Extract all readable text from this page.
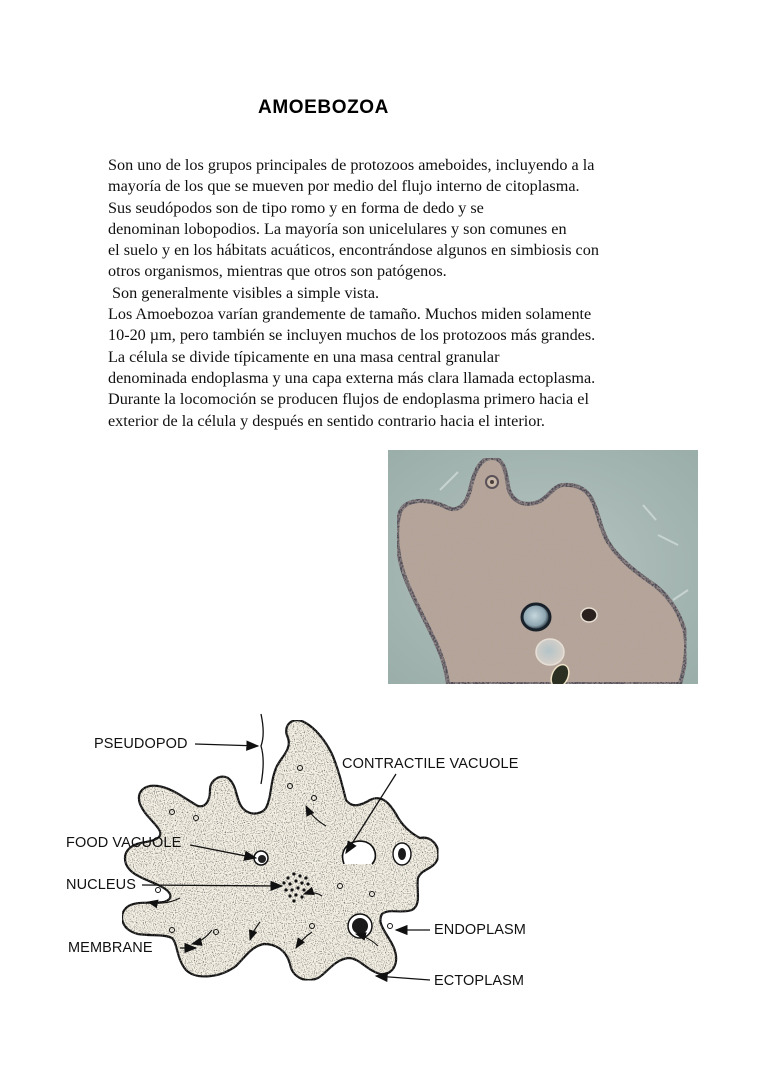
AMOEBOZOA
Son uno de los grupos principales de protozoos ameboides, incluyendo a la
mayoría de los que se mueven por medio del flujo interno de citoplasma.
Sus seudópodos son de tipo romo y en forma de dedo y se
denominan lobopodios. La mayoría son unicelulares y son comunes en
el suelo y en los hábitats acuáticos, encontrándose algunos en simbiosis con
otros organismos, mientras que otros son patógenos.
Son generalmente visibles a simple vista.
Los Amoebozoa varían grandemente de tamaño. Muchos miden solamente
10-20 µm, pero también se incluyen muchos de los protozoos más grandes.
La célula se divide típicamente en una masa central granular
denominada endoplasma y una capa externa más clara llamada ectoplasma.
Durante la locomoción se producen flujos de endoplasma primero hacia el
exterior de la célula y después en sentido contrario hacia el interior.
PSEUDOPOD
CONTRACTILE VACUOLE
FOOD VACUOLE
NUCLEUS
ENDOPLASM
MEMBRANE
ECTOPLASM
